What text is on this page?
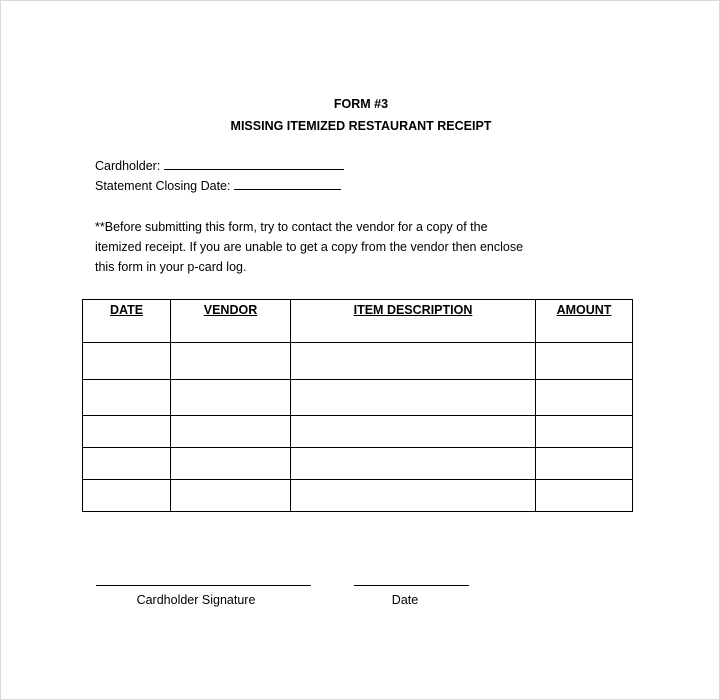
FORM #3
MISSING ITEMIZED RESTAURANT RECEIPT
Cardholder:
Statement Closing Date:
**Before submitting this form, try to contact the vendor for a copy of the
itemized receipt. If you are unable to get a copy from the vendor then enclose
this form in your p-card log.
DATE	VENDOR	ITEM DESCRIPTION	AMOUNT

Cardholder Signature	Date
